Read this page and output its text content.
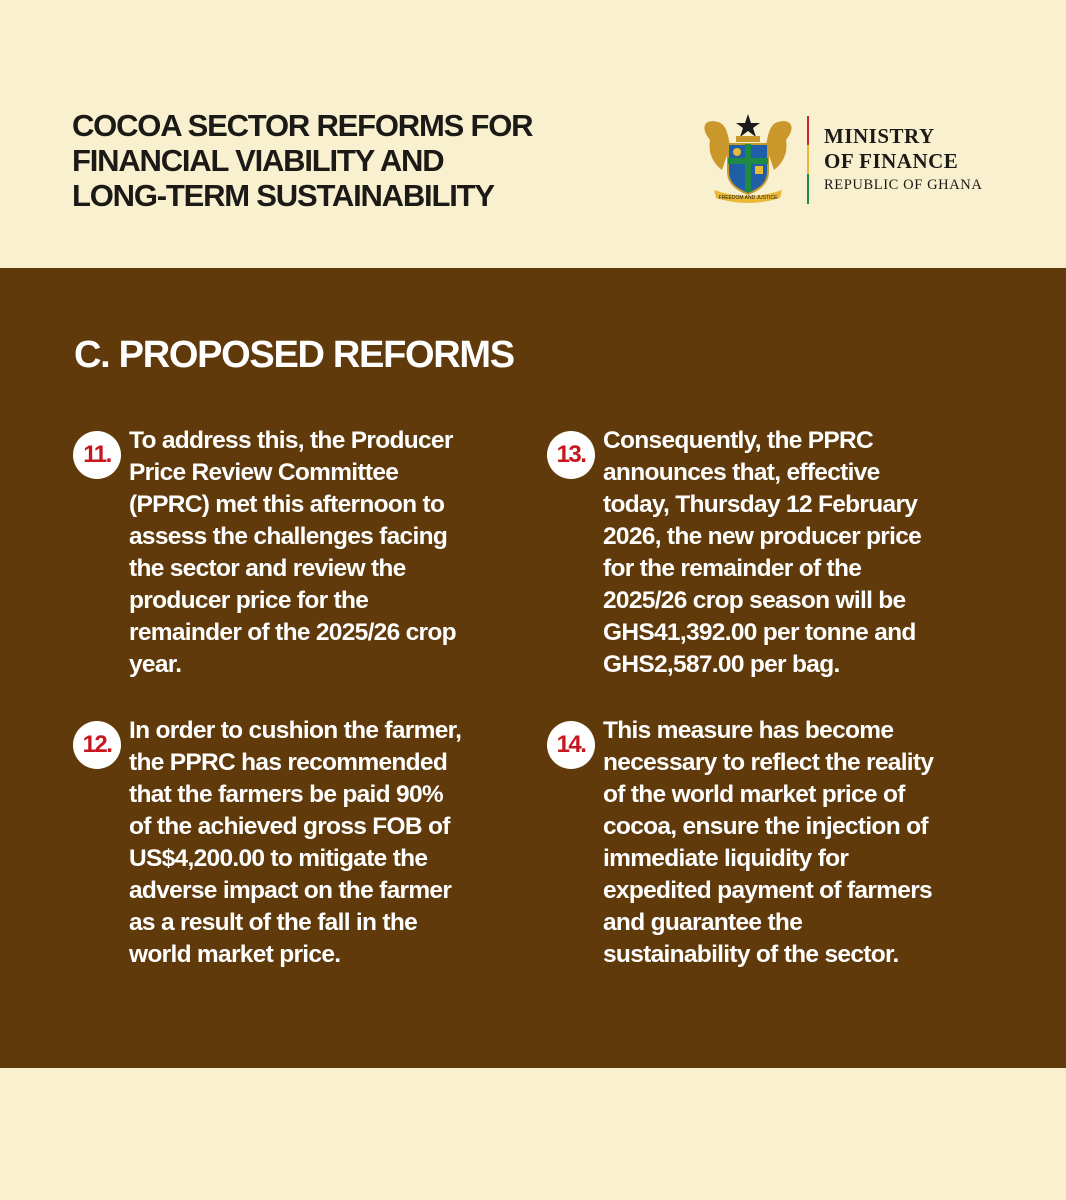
COCOA SECTOR REFORMS FOR
FINANCIAL VIABILITY AND
LONG-TERM SUSTAINABILITY	FREEDOM AND JUSTICE
MINISTRY
OF FINANCE
REPUBLIC OF GHANA
C. PROPOSED REFORMS
11.
To address this, the Producer
Price Review Committee
(PPRC) met this afternoon to
assess the challenges facing
the sector and review the
producer price for the
remainder of the 2025/26 crop
year.
12.
In order to cushion the farmer,
the PPRC has recommended
that the farmers be paid 90%
of the achieved gross FOB of
US$4,200.00 to mitigate the
adverse impact on the farmer
as a result of the fall in the
world market price.
13.
Consequently, the PPRC
announces that, effective
today, Thursday 12 February
2026, the new producer price
for the remainder of the
2025/26 crop season will be
GHS41,392.00 per tonne and
GHS2,587.00 per bag.
14.
This measure has become
necessary to reflect the reality
of the world market price of
cocoa, ensure the injection of
immediate liquidity for
expedited payment of farmers
and guarantee the
sustainability of the sector.
